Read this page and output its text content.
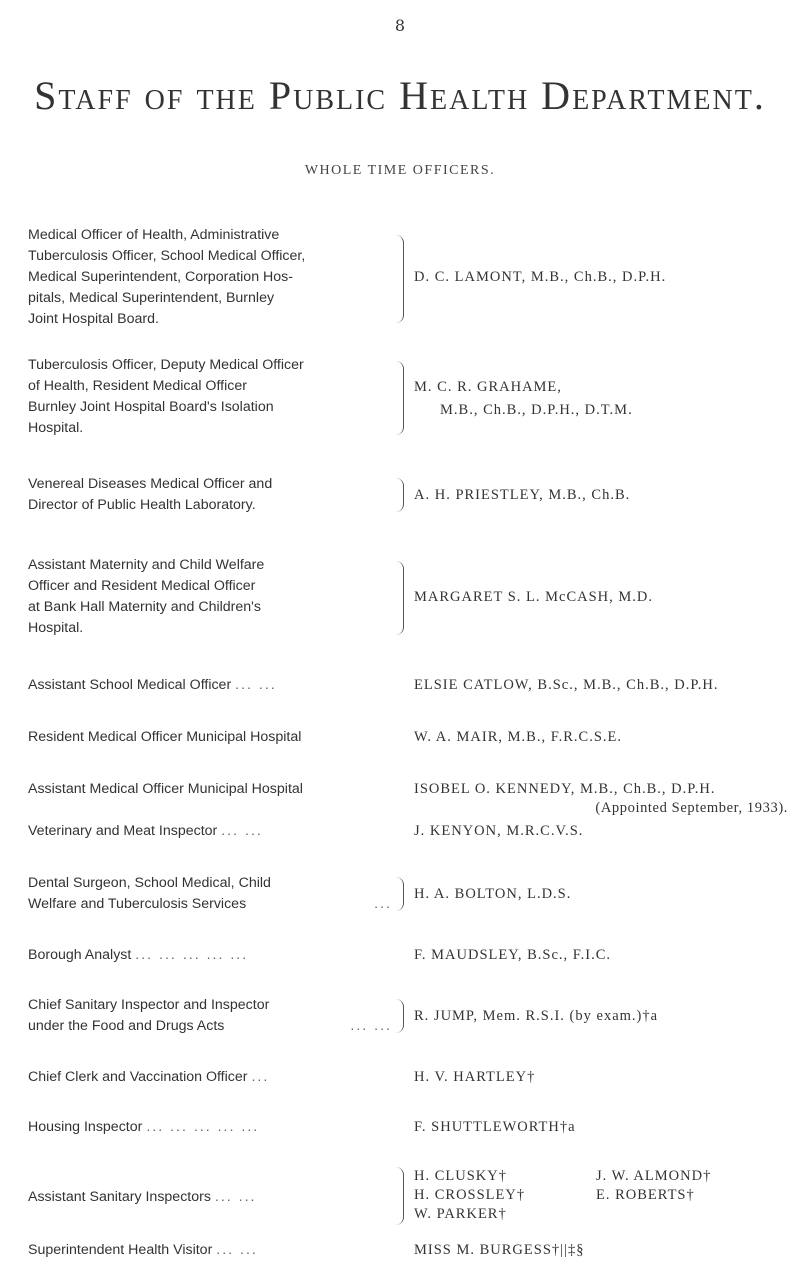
8
Staff of the Public Health Department.
WHOLE TIME OFFICERS.
Medical Officer of Health, Administrative
Tuberculosis Officer, School Medical Officer,
Medical Superintendent, Corporation Hos-
pitals, Medical Superintendent, Burnley
Joint Hospital Board.
D. C. LAMONT, M.B., Ch.B., D.P.H.
Tuberculosis Officer, Deputy Medical Officer
of Health, Resident Medical Officer
Burnley Joint Hospital Board's Isolation
Hospital.
M. C. R. GRAHAME,
M.B., Ch.B., D.P.H., D.T.M.
Venereal Diseases Medical Officer and
Director of Public Health Laboratory.
A. H. PRIESTLEY, M.B., Ch.B.
Assistant Maternity and Child Welfare
Officer and Resident Medical Officer
at Bank Hall Maternity and Children's
Hospital.
MARGARET S. L. McCASH, M.D.
Assistant School Medical Officer ... ...	ELSIE CATLOW, B.Sc., M.B., Ch.B., D.P.H.
Resident Medical Officer Municipal Hospital	W. A. MAIR, M.B., F.R.C.S.E.
Assistant Medical Officer Municipal Hospital	ISOBEL O. KENNEDY, M.B., Ch.B., D.P.H.
(Appointed September, 1933).
Veterinary and Meat Inspector ... ...	J. KENYON, M.R.C.V.S.
Dental Surgeon, School Medical, Child
Welfare and Tuberculosis Services	...
H. A. BOLTON, L.D.S.
Borough Analyst ... ... ... ... ...	F. MAUDSLEY, B.Sc., F.I.C.
Chief Sanitary Inspector and Inspector
under the Food and Drugs Acts	... ...
R. JUMP, Mem. R.S.I. (by exam.)†a
Chief Clerk and Vaccination Officer ...	H. V. HARTLEY†
Housing Inspector ... ... ... ... ...	F. SHUTTLEWORTH†a
Assistant Sanitary Inspectors ... ...
H. CLUSKY†	J. W. ALMOND†
H. CROSSLEY†	E. ROBERTS†
W. PARKER†
Superintendent Health Visitor ... ...	MISS M. BURGESS†||‡§
